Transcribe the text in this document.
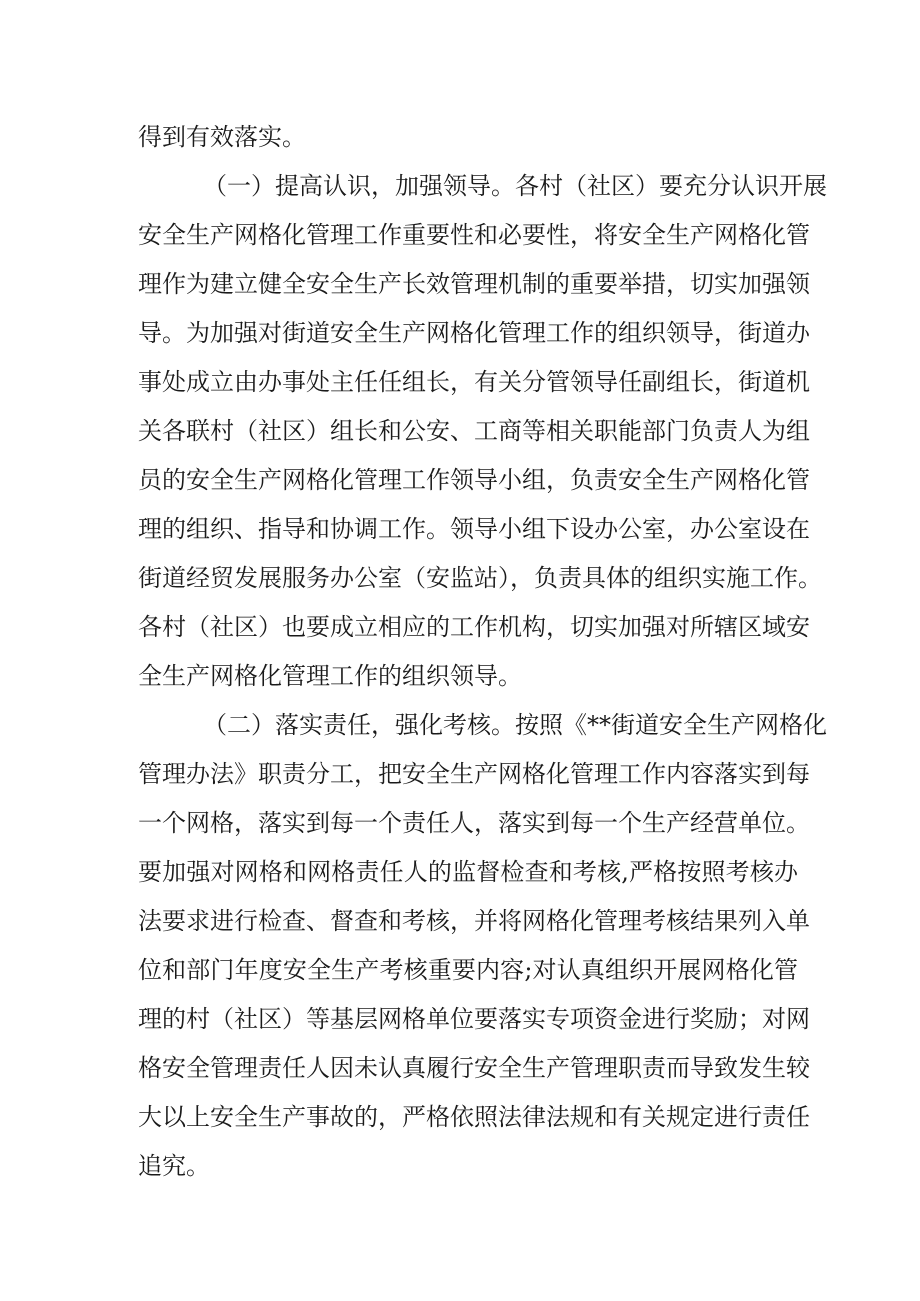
得到有效落实。
（一）提高认识，加强领导。各村（社区）要充分认识开展
安全生产网格化管理工作重要性和必要性，将安全生产网格化管
理作为建立健全安全生产长效管理机制的重要举措，切实加强领
导。为加强对街道安全生产网格化管理工作的组织领导，街道办
事处成立由办事处主任任组长，有关分管领导任副组长，街道机
关各联村（社区）组长和公安、工商等相关职能部门负责人为组
员的安全生产网格化管理工作领导小组，负责安全生产网格化管
理的组织、指导和协调工作。领导小组下设办公室，办公室设在
街道经贸发展服务办公室（安监站），负责具体的组织实施工作。
各村（社区）也要成立相应的工作机构，切实加强对所辖区域安
全生产网格化管理工作的组织领导。
（二）落实责任，强化考核。按照《**街道安全生产网格化
管理办法》职责分工，把安全生产网格化管理工作内容落实到每
一个网格，落实到每一个责任人，落实到每一个生产经营单位。
要加强对网格和网格责任人的监督检查和考核,严格按照考核办
法要求进行检查、督查和考核，并将网格化管理考核结果列入单
位和部门年度安全生产考核重要内容;对认真组织开展网格化管
理的村（社区）等基层网格单位要落实专项资金进行奖励；对网
格安全管理责任人因未认真履行安全生产管理职责而导致发生较
大以上安全生产事故的，严格依照法律法规和有关规定进行责任
追究。
